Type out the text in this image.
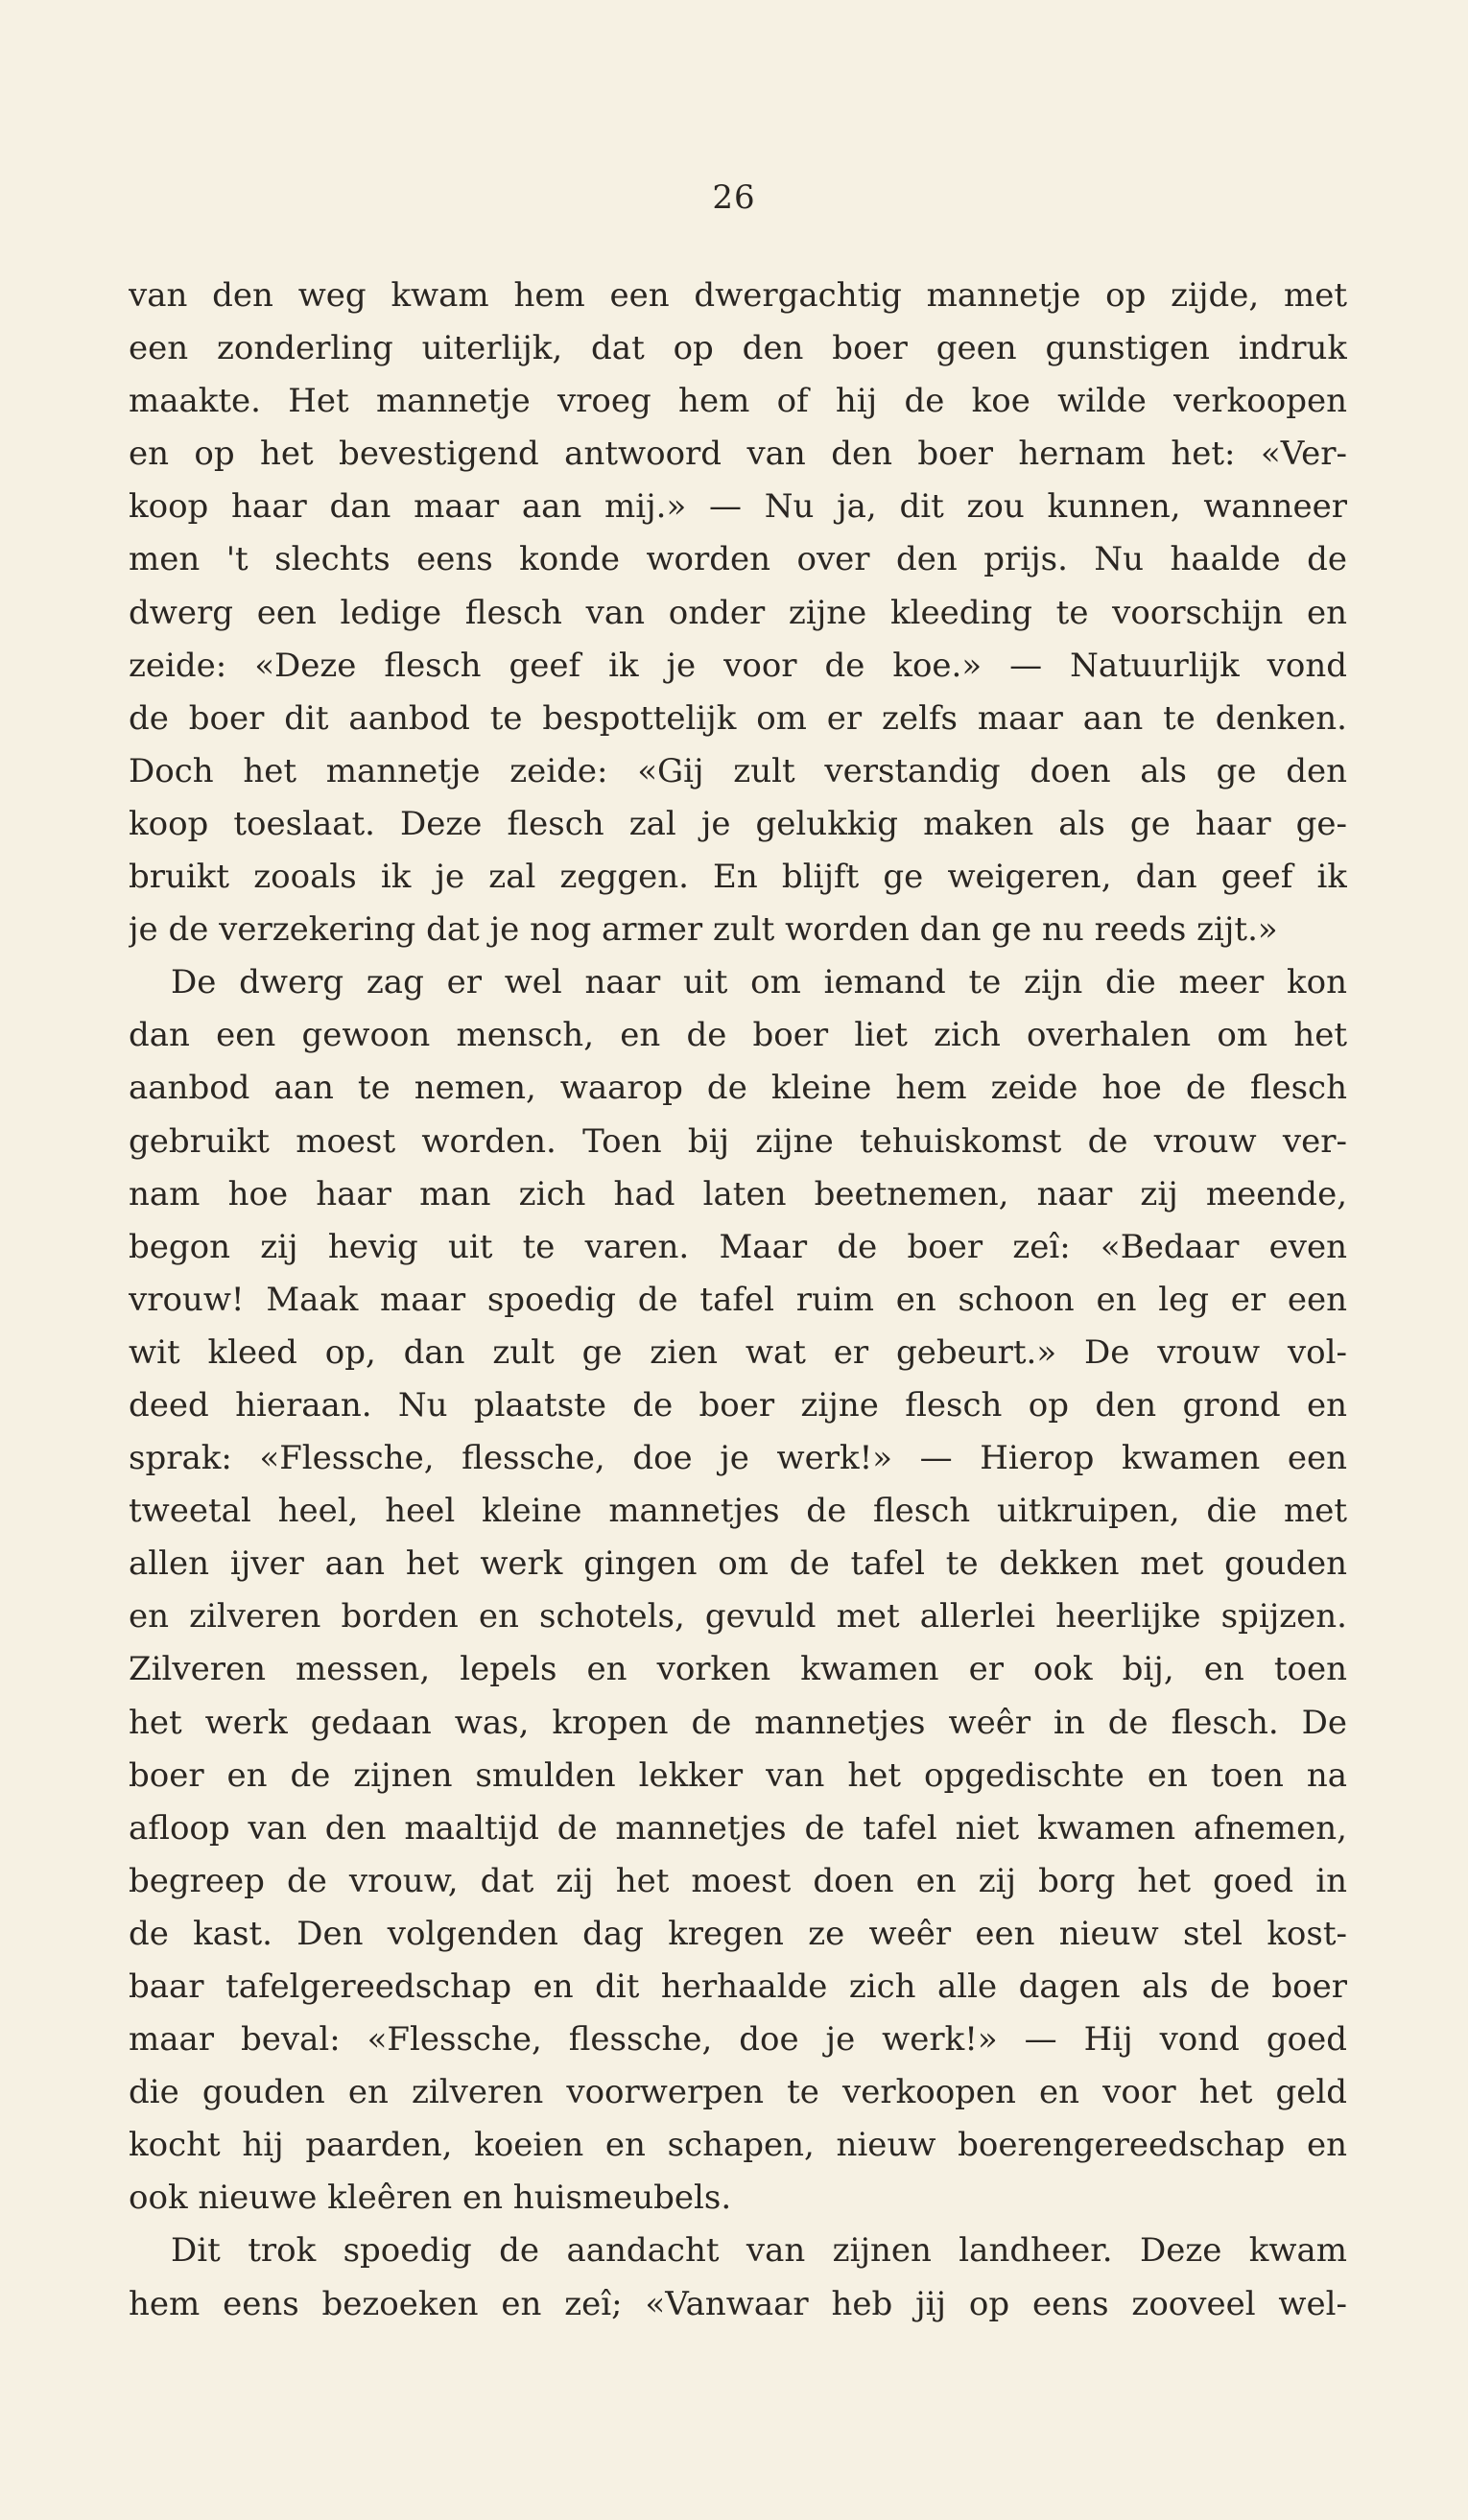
26
van den weg kwam hem een dwergachtig mannetje op zijde, met
een zonderling uiterlijk, dat op den boer geen gunstigen indruk
maakte. Het mannetje vroeg hem of hij de koe wilde verkoopen
en op het bevestigend antwoord van den boer hernam het: «Ver-
koop haar dan maar aan mij.» — Nu ja, dit zou kunnen, wanneer
men 't slechts eens konde worden over den prijs. Nu haalde de
dwerg een ledige flesch van onder zijne kleeding te voorschijn en
zeide: «Deze flesch geef ik je voor de koe.» — Natuurlijk vond
de boer dit aanbod te bespottelijk om er zelfs maar aan te denken.
Doch het mannetje zeide: «Gij zult verstandig doen als ge den
koop toeslaat. Deze flesch zal je gelukkig maken als ge haar ge-
bruikt zooals ik je zal zeggen. En blijft ge weigeren, dan geef ik
je de verzekering dat je nog armer zult worden dan ge nu reeds zijt.»
De dwerg zag er wel naar uit om iemand te zijn die meer kon
dan een gewoon mensch, en de boer liet zich overhalen om het
aanbod aan te nemen, waarop de kleine hem zeide hoe de flesch
gebruikt moest worden. Toen bij zijne tehuiskomst de vrouw ver-
nam hoe haar man zich had laten beetnemen, naar zij meende,
begon zij hevig uit te varen. Maar de boer zeî: «Bedaar even
vrouw! Maak maar spoedig de tafel ruim en schoon en leg er een
wit kleed op, dan zult ge zien wat er gebeurt.» De vrouw vol-
deed hieraan. Nu plaatste de boer zijne flesch op den grond en
sprak: «Flessche, flessche, doe je werk!» — Hierop kwamen een
tweetal heel, heel kleine mannetjes de flesch uitkruipen, die met
allen ijver aan het werk gingen om de tafel te dekken met gouden
en zilveren borden en schotels, gevuld met allerlei heerlijke spijzen.
Zilveren messen, lepels en vorken kwamen er ook bij, en toen
het werk gedaan was, kropen de mannetjes weêr in de flesch. De
boer en de zijnen smulden lekker van het opgedischte en toen na
afloop van den maaltijd de mannetjes de tafel niet kwamen afnemen,
begreep de vrouw, dat zij het moest doen en zij borg het goed in
de kast. Den volgenden dag kregen ze weêr een nieuw stel kost-
baar tafelgereedschap en dit herhaalde zich alle dagen als de boer
maar beval: «Flessche, flessche, doe je werk!» — Hij vond goed
die gouden en zilveren voorwerpen te verkoopen en voor het geld
kocht hij paarden, koeien en schapen, nieuw boerengereedschap en
ook nieuwe kleêren en huismeubels.
Dit trok spoedig de aandacht van zijnen landheer. Deze kwam
hem eens bezoeken en zeî; «Vanwaar heb jij op eens zooveel wel-
